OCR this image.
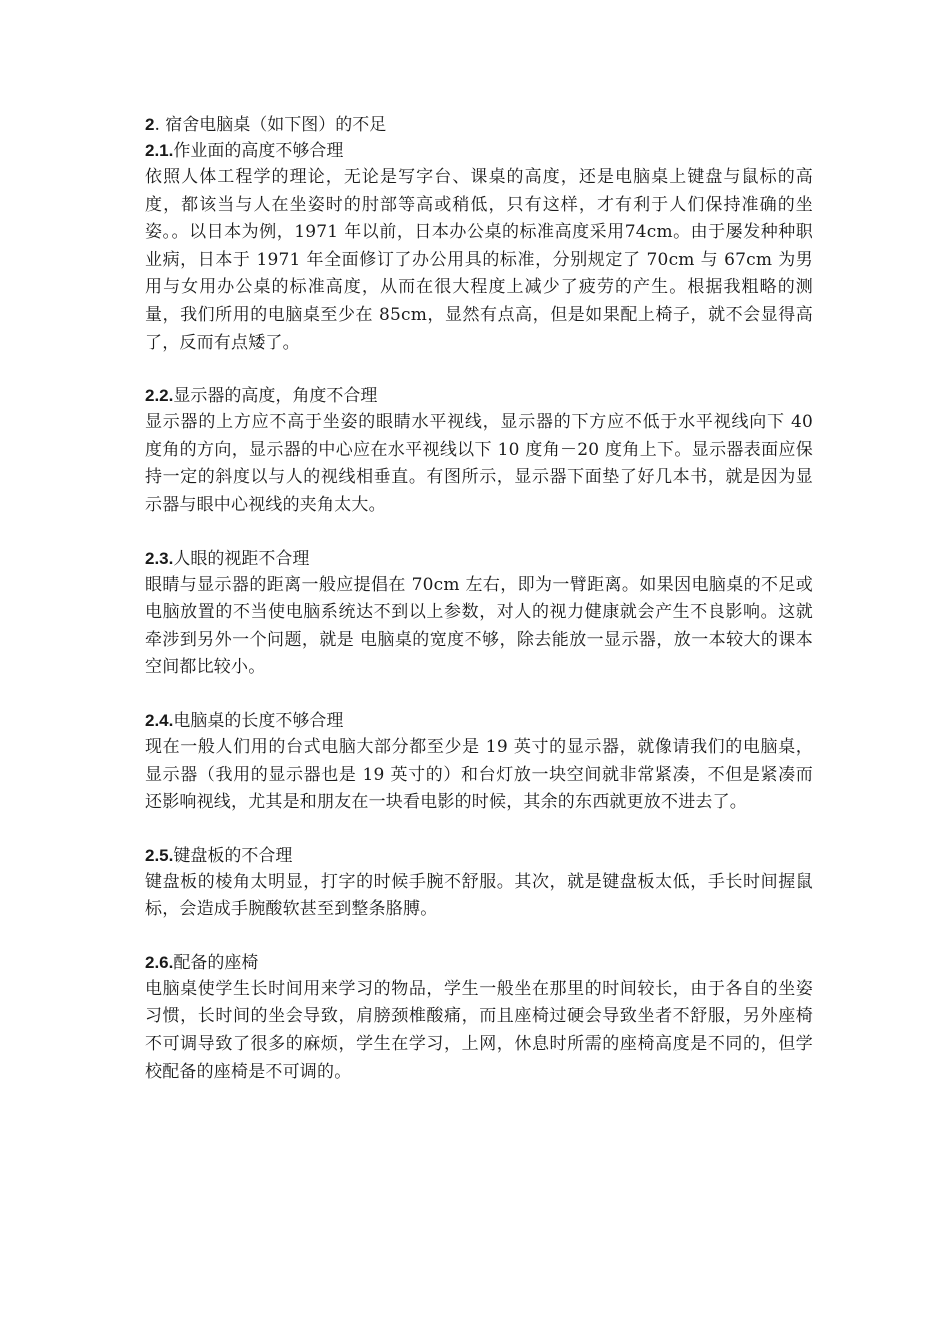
2. 宿舍电脑桌（如下图）的不足

2.1.作业面的高度不够合理

依照人体工程学的理论，无论是写字台、课桌的高度，还是电脑桌上键盘与鼠标的高度，都该当与人在坐姿时的肘部等高或稍低，只有这样，才有利于人们保持准确的坐姿。。以日本为例，1971 年以前，日本办公桌的标准高度采用74cm。由于屡发种种职业病，日本于 1971 年全面修订了办公用具的标准，分别规定了 70cm 与 67cm 为男用与女用办公桌的标准高度，从而在很大程度上减少了疲劳的产生。根据我粗略的测量，我们所用的电脑桌至少在 85cm，显然有点高，但是如果配上椅子，就不会显得高了，反而有点矮了。

2.2.显示器的高度，角度不合理

显示器的上方应不高于坐姿的眼睛水平视线，显示器的下方应不低于水平视线向下 40 度角的方向，显示器的中心应在水平视线以下 10 度角－20 度角上下。显示器表面应保持一定的斜度以与人的视线相垂直。有图所示，显示器下面垫了好几本书，就是因为显示器与眼中心视线的夹角太大。

2.3.人眼的视距不合理

眼睛与显示器的距离一般应提倡在 70cm 左右，即为一臂距离。如果因电脑桌的不足或电脑放置的不当使电脑系统达不到以上参数，对人的视力健康就会产生不良影响。这就牵涉到另外一个问题，就是 电脑桌的宽度不够，除去能放一显示器，放一本较大的课本空间都比较小。

2.4.电脑桌的长度不够合理

现在一般人们用的台式电脑大部分都至少是 19 英寸的显示器，就像请我们的电脑桌，显示器（我用的显示器也是 19 英寸的）和台灯放一块空间就非常紧凑，不但是紧凑而还影响视线，尤其是和朋友在一块看电影的时候，其余的东西就更放不进去了。

2.5.键盘板的不合理

键盘板的棱角太明显，打字的时候手腕不舒服。其次，就是键盘板太低，手长时间握鼠标，会造成手腕酸软甚至到整条胳膊。

2.6.配备的座椅

电脑桌使学生长时间用来学习的物品，学生一般坐在那里的时间较长，由于各自的坐姿习惯，长时间的坐会导致，肩膀颈椎酸痛，而且座椅过硬会导致坐者不舒服，另外座椅不可调导致了很多的麻烦，学生在学习，上网，休息时所需的座椅高度是不同的，但学校配备的座椅是不可调的。
